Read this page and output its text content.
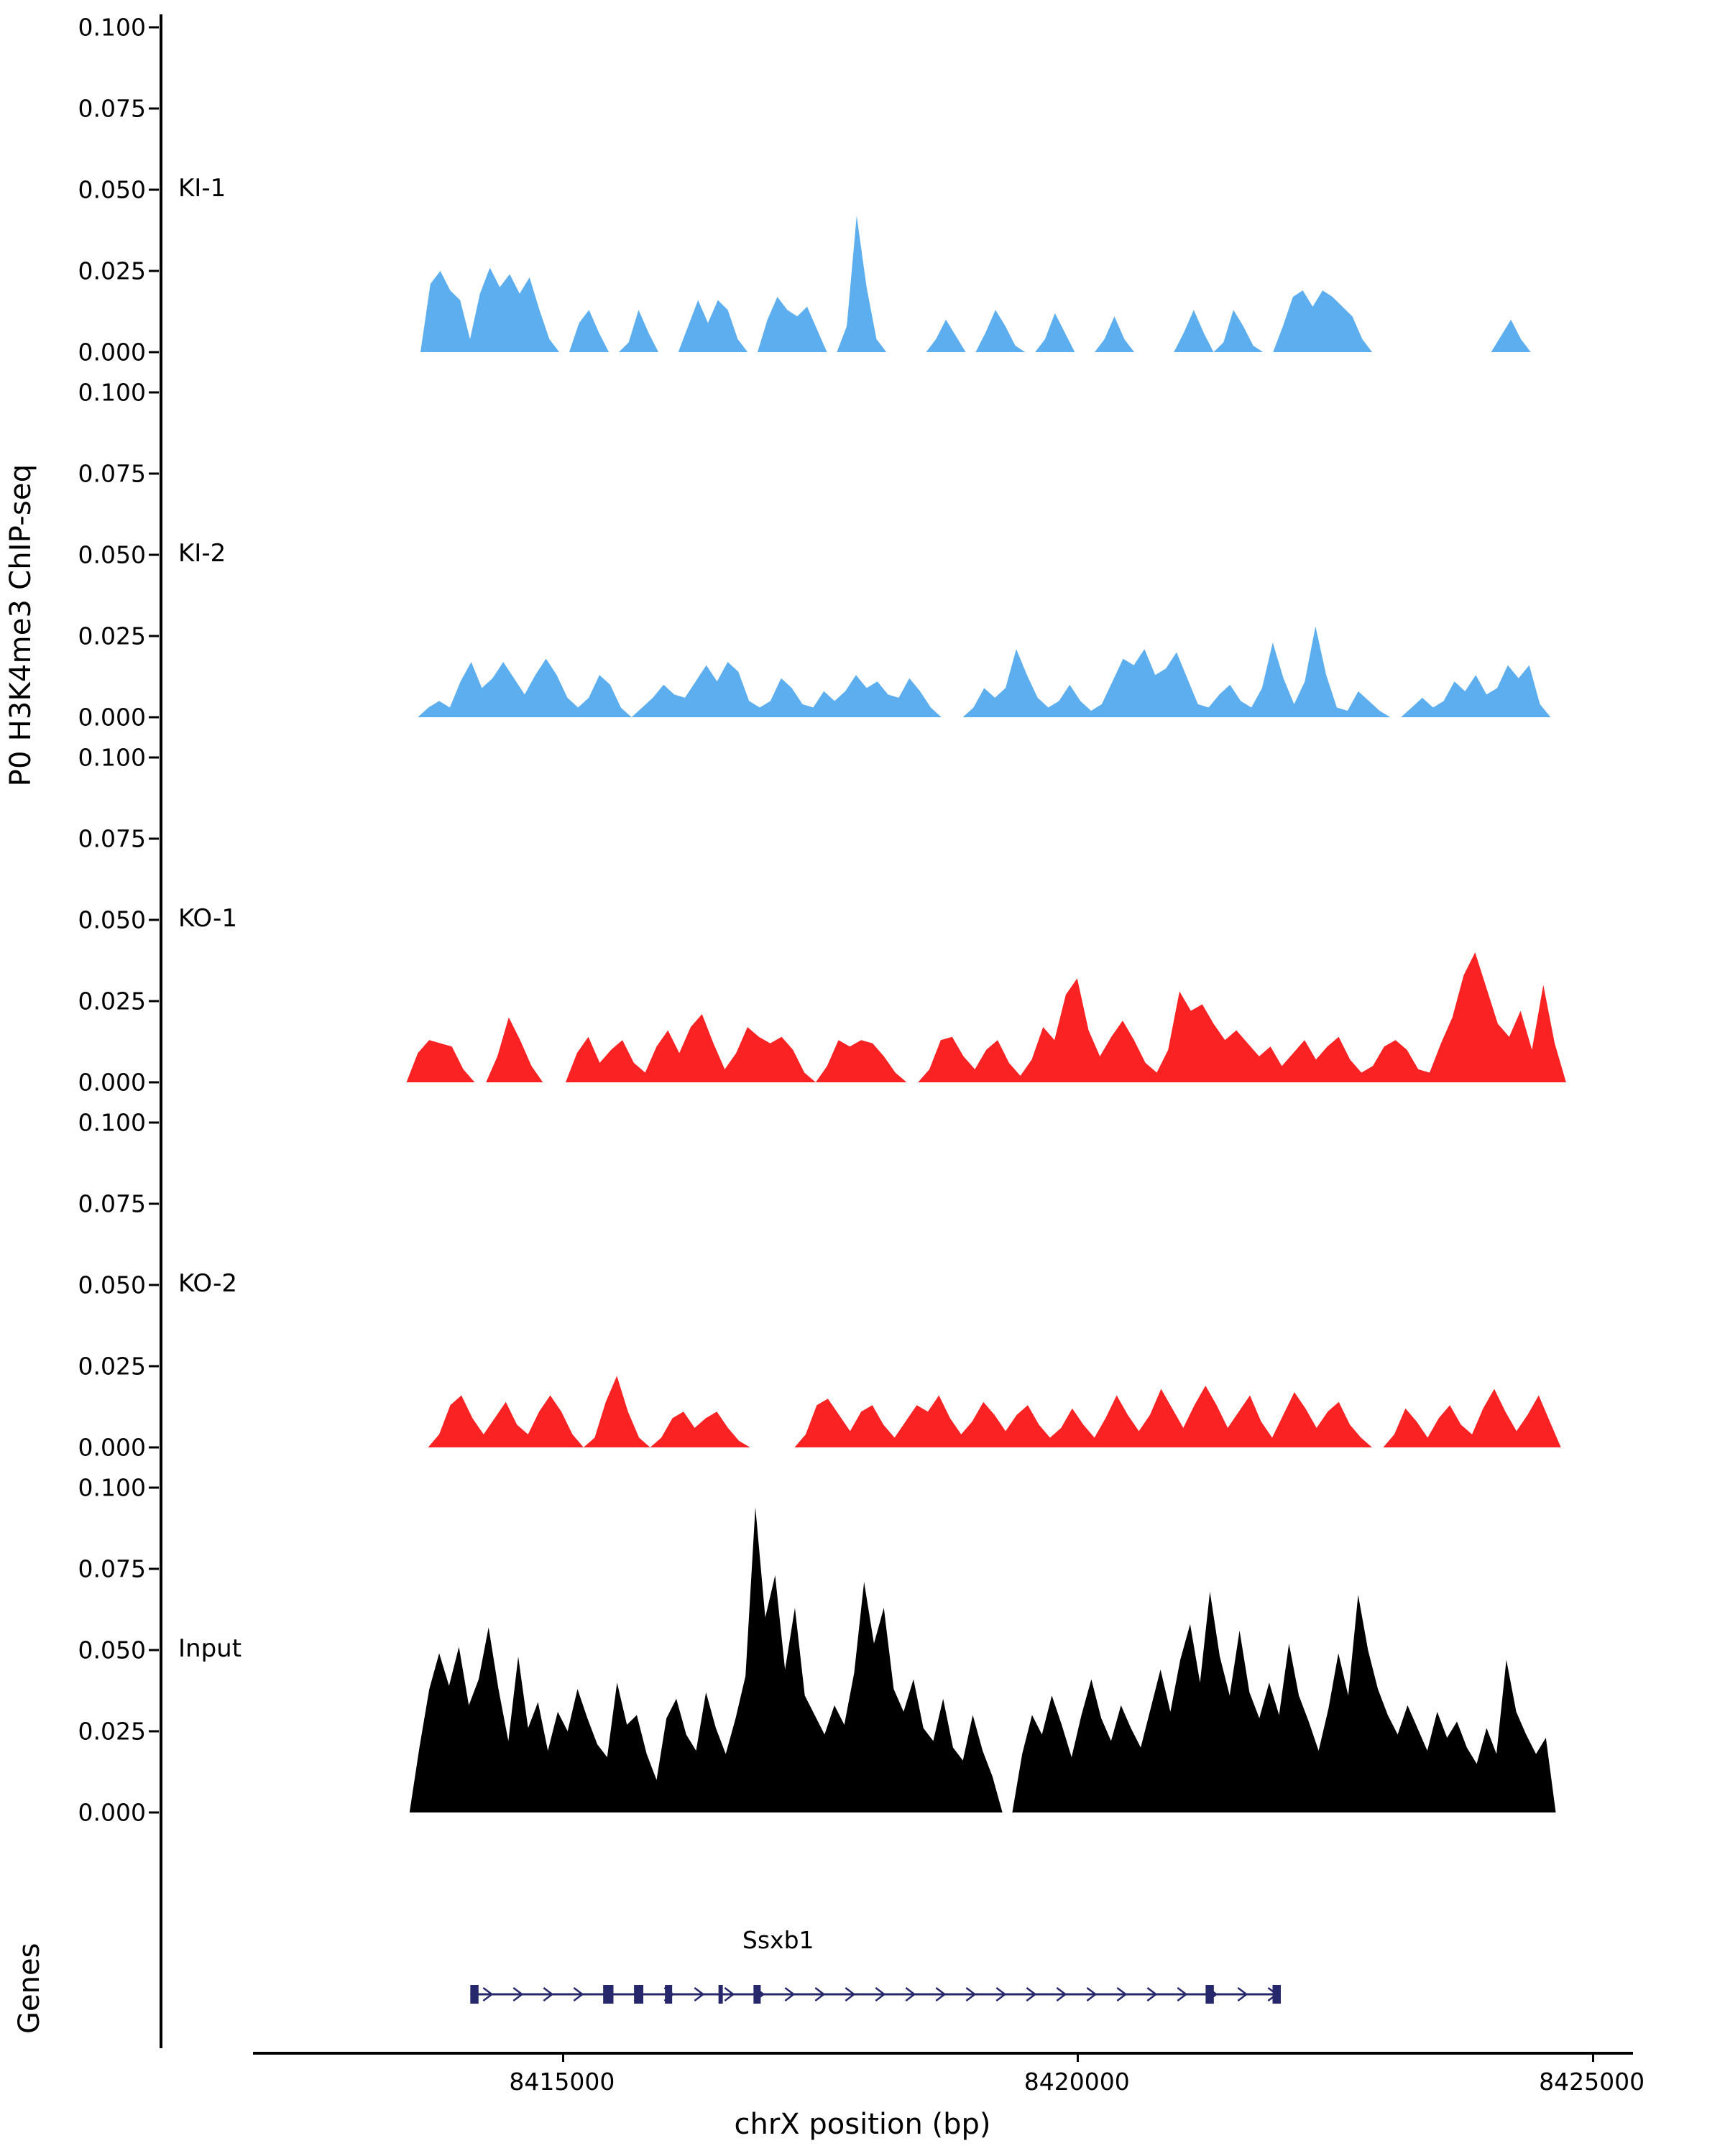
P0 H3K4me3 ChIP-seq
0.100
0.075
0.050
0.025
0.000
KI-1
0.100
0.075
0.050
0.025
0.000
KI-2
0.100
0.075
0.050
0.025
0.000
KO-1
0.100
0.075
0.050
0.025
0.000
KO-2
0.100
0.075
0.050
0.025
0.000
Input
Genes
Ssxb1
8415000	8420000	8425000
chrX position (bp)
